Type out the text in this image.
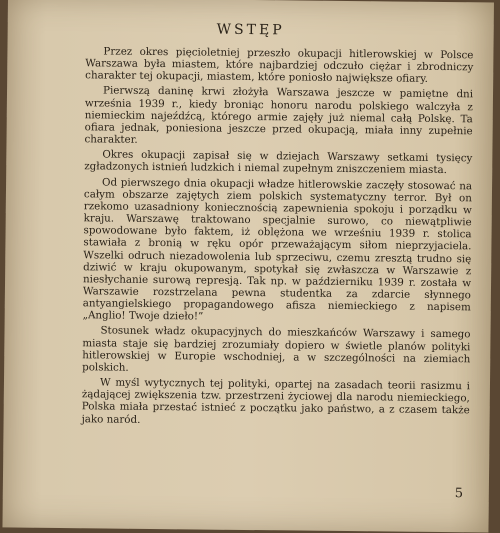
WSTĘP

Przez okres pięcioletniej przeszło okupacji hitlerowskiej w Polsce Warszawa była miastem, które najbardziej odczuło ciężar i zbrodniczy charakter tej okupacji, miastem, które poniosło największe ofiary.

Pierwszą daninę krwi złożyła Warszawa jeszcze w pamiętne dni września 1939 r., kiedy broniąc honoru narodu polskiego walczyła z niemieckim najeźdźcą, którego armie zajęły już niemal całą Polskę. Ta ofiara jednak, poniesiona jeszcze przed okupacją, miała inny zupełnie charakter.

Okres okupacji zapisał się w dziejach Warszawy setkami tysięcy zgładzonych istnień ludzkich i niemal zupełnym zniszczeniem miasta.

Od pierwszego dnia okupacji władze hitlerowskie zaczęły stosować na całym obszarze zajętych ziem polskich systematyczny terror. Był on rzekomo uzasadniony koniecznością zapewnienia spokoju i porządku w kraju. Warszawę traktowano specjalnie surowo, co niewątpliwie spowodowane było faktem, iż oblężona we wrześniu 1939 r. stolica stawiała z bronią w ręku opór przeważającym siłom nieprzyjaciela. Wszelki odruch niezadowolenia lub sprzeciwu, czemu zresztą trudno się dziwić w kraju okupowanym, spotykał się zwłaszcza w Warszawie z niesłychanie surową represją. Tak np. w październiku 1939 r. została w Warszawie rozstrzelana pewna studentka za zdarcie słynnego antyangielskiego propagandowego afisza niemieckiego z napisem „Anglio! Twoje dzieło!”

Stosunek władz okupacyjnych do mieszkańców Warszawy i samego miasta staje się bardziej zrozumiały dopiero w świetle planów polityki hitlerowskiej w Europie wschodniej, a w szczególności na ziemiach polskich.

W myśl wytycznych tej polityki, opartej na zasadach teorii rasizmu i żądającej zwiększenia tzw. przestrzeni życiowej dla narodu niemieckiego, Polska miała przestać istnieć z początku jako państwo, a z czasem także jako naród.

5
